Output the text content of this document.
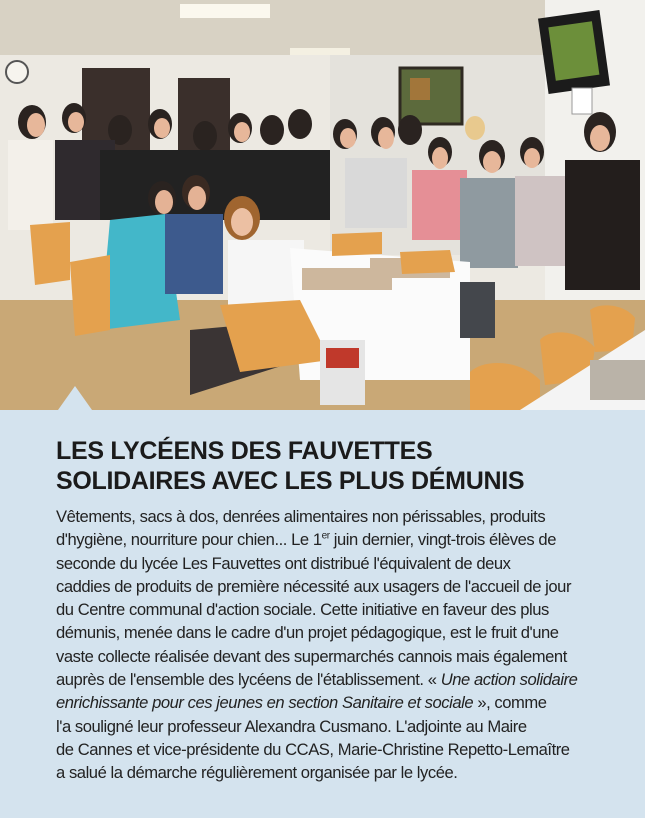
LES LYCÉENS DES FAUVETTES
SOLIDAIRES AVEC LES PLUS DÉMUNIS
Vêtements, sacs à dos, denrées alimentaires non périssables, produits
d'hygiène, nourriture pour chien... Le 1er juin dernier, vingt-trois élèves de
seconde du lycée Les Fauvettes ont distribué l'équivalent de deux
caddies de produits de première nécessité aux usagers de l'accueil de jour
du Centre communal d'action sociale. Cette initiative en faveur des plus
démunis, menée dans le cadre d'un projet pédagogique, est le fruit d'une
vaste collecte réalisée devant des supermarchés cannois mais également
auprès de l'ensemble des lycéens de l'établissement. « Une action solidaire
enrichissante pour ces jeunes en section Sanitaire et sociale », comme
l'a souligné leur professeur Alexandra Cusmano. L'adjointe au Maire
de Cannes et vice-présidente du CCAS, Marie-Christine Repetto-Lemaître
a salué la démarche régulièrement organisée par le lycée.
